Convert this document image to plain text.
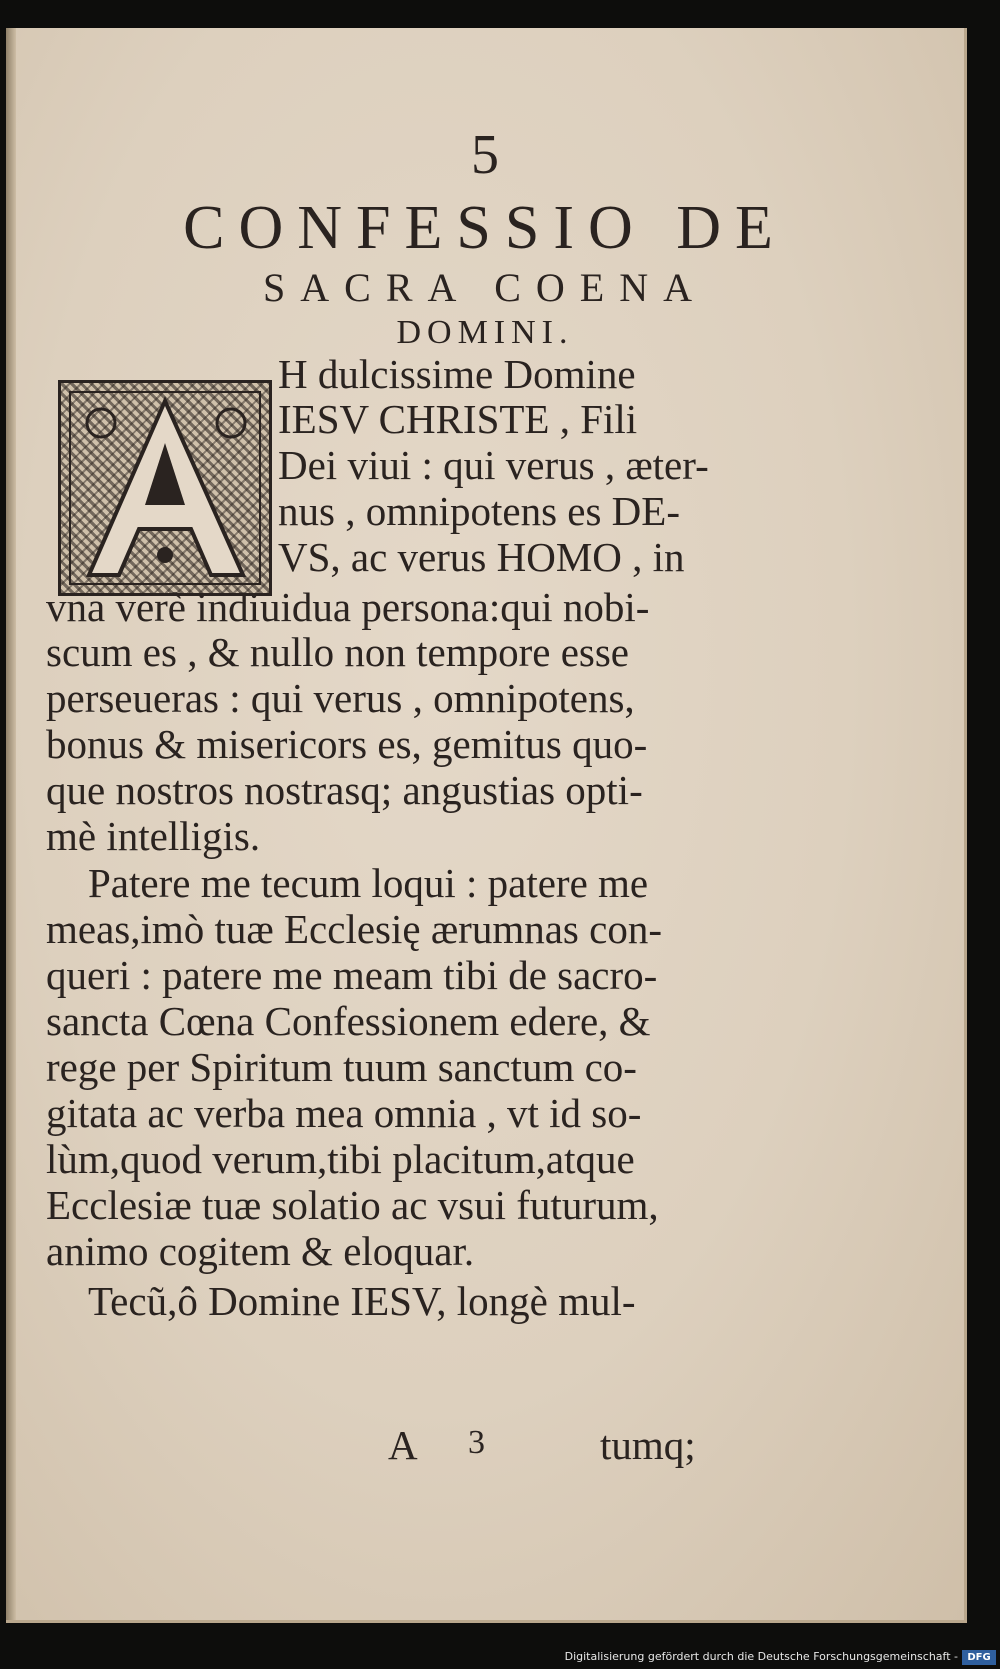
5
CONFESSIO DE
SACRA COENA
DOMINI.
H dulcissime Domine
IESV CHRISTE , Fili
Dei viui : qui verus , æter-
nus , omnipotens es DE-
VS, ac verus HOMO , in
vna verè indiuidua persona:qui nobi-
scum es , & nullo non tempore esse
perseueras : qui verus , omnipotens,
bonus & misericors es, gemitus quo-
que nostros nostrasq; angustias opti-
mè intelligis.
Patere me tecum loqui : patere me
meas,imò tuæ Ecclesię ærumnas con-
queri : patere me meam tibi de sacro-
sancta Cœna Confessionem edere, &
rege per Spiritum tuum sanctum co-
gitata ac verba mea omnia , vt id so-
lùm,quod verum,tibi placitum,atque
Ecclesiæ tuæ solatio ac vsui futurum,
animo cogitem & eloquar.
Tecũ,ô Domine IESV, longè mul-
A 3	tumq;
Digitalisierung gefördert durch die Deutsche Forschungsgemeinschaft - DFG
